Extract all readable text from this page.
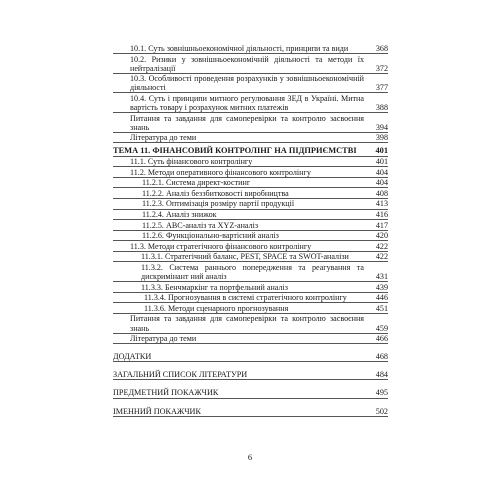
10.1. Суть зовнішньоекономічної діяльності, принципи та види	368
10.2. Ризики у зовнішньоекономічній діяльності та методи їх нейтралізації	372
10.3. Особливості проведення розрахунків у зовнішньоекономічній діяльності	377
10.4. Суть і принципи митного регулювання ЗЕД в Україні. Митна вартість товару і розрахунок митних платежів	388
Питання та завдання для самоперевірки та контролю засвоєння знань	394
Література до теми	398
ТЕМА 11. ФІНАНСОВИЙ КОНТРОЛІНГ НА ПІДПРИЄМСТВІ	401
11.1. Суть фінансового контролінгу	401
11.2. Методи оперативного фінансового контролінгу	404
11.2.1. Система директ-костинг	404
11.2.2. Аналіз беззбитковості виробництва	408
11.2.3. Оптимізація розміру партії продукції	413
11.2.4. Аналіз знижок	416
11.2.5. АВС-аналіз та XYZ-аналіз	417
11.2.6. Функціонально-вартісний аналіз	420
11.3. Методи стратегічного фінансового контролінгу	422
11.3.1. Стратегічний баланс, PEST, SPACE та SWOT-аналізи	422
11.3.2. Система раннього попередження та реагування та дискримінант ний аналіз	431
11.3.3. Бенчмаркінг та портфельний аналіз	439
11.3.4. Прогнозування в системі стратегічного контролінгу	446
11.3.6. Методи сценарного прогнозування	451
Питання та завдання для самоперевірки та контролю засвоєння знань	459
Література до теми	466
ДОДАТКИ	468
ЗАГАЛЬНИЙ СПИСОК ЛІТЕРАТУРИ	484
ПРЕДМЕТНИЙ ПОКАЖЧИК	495
ІМЕННИЙ ПОКАЖЧИК	502
6
